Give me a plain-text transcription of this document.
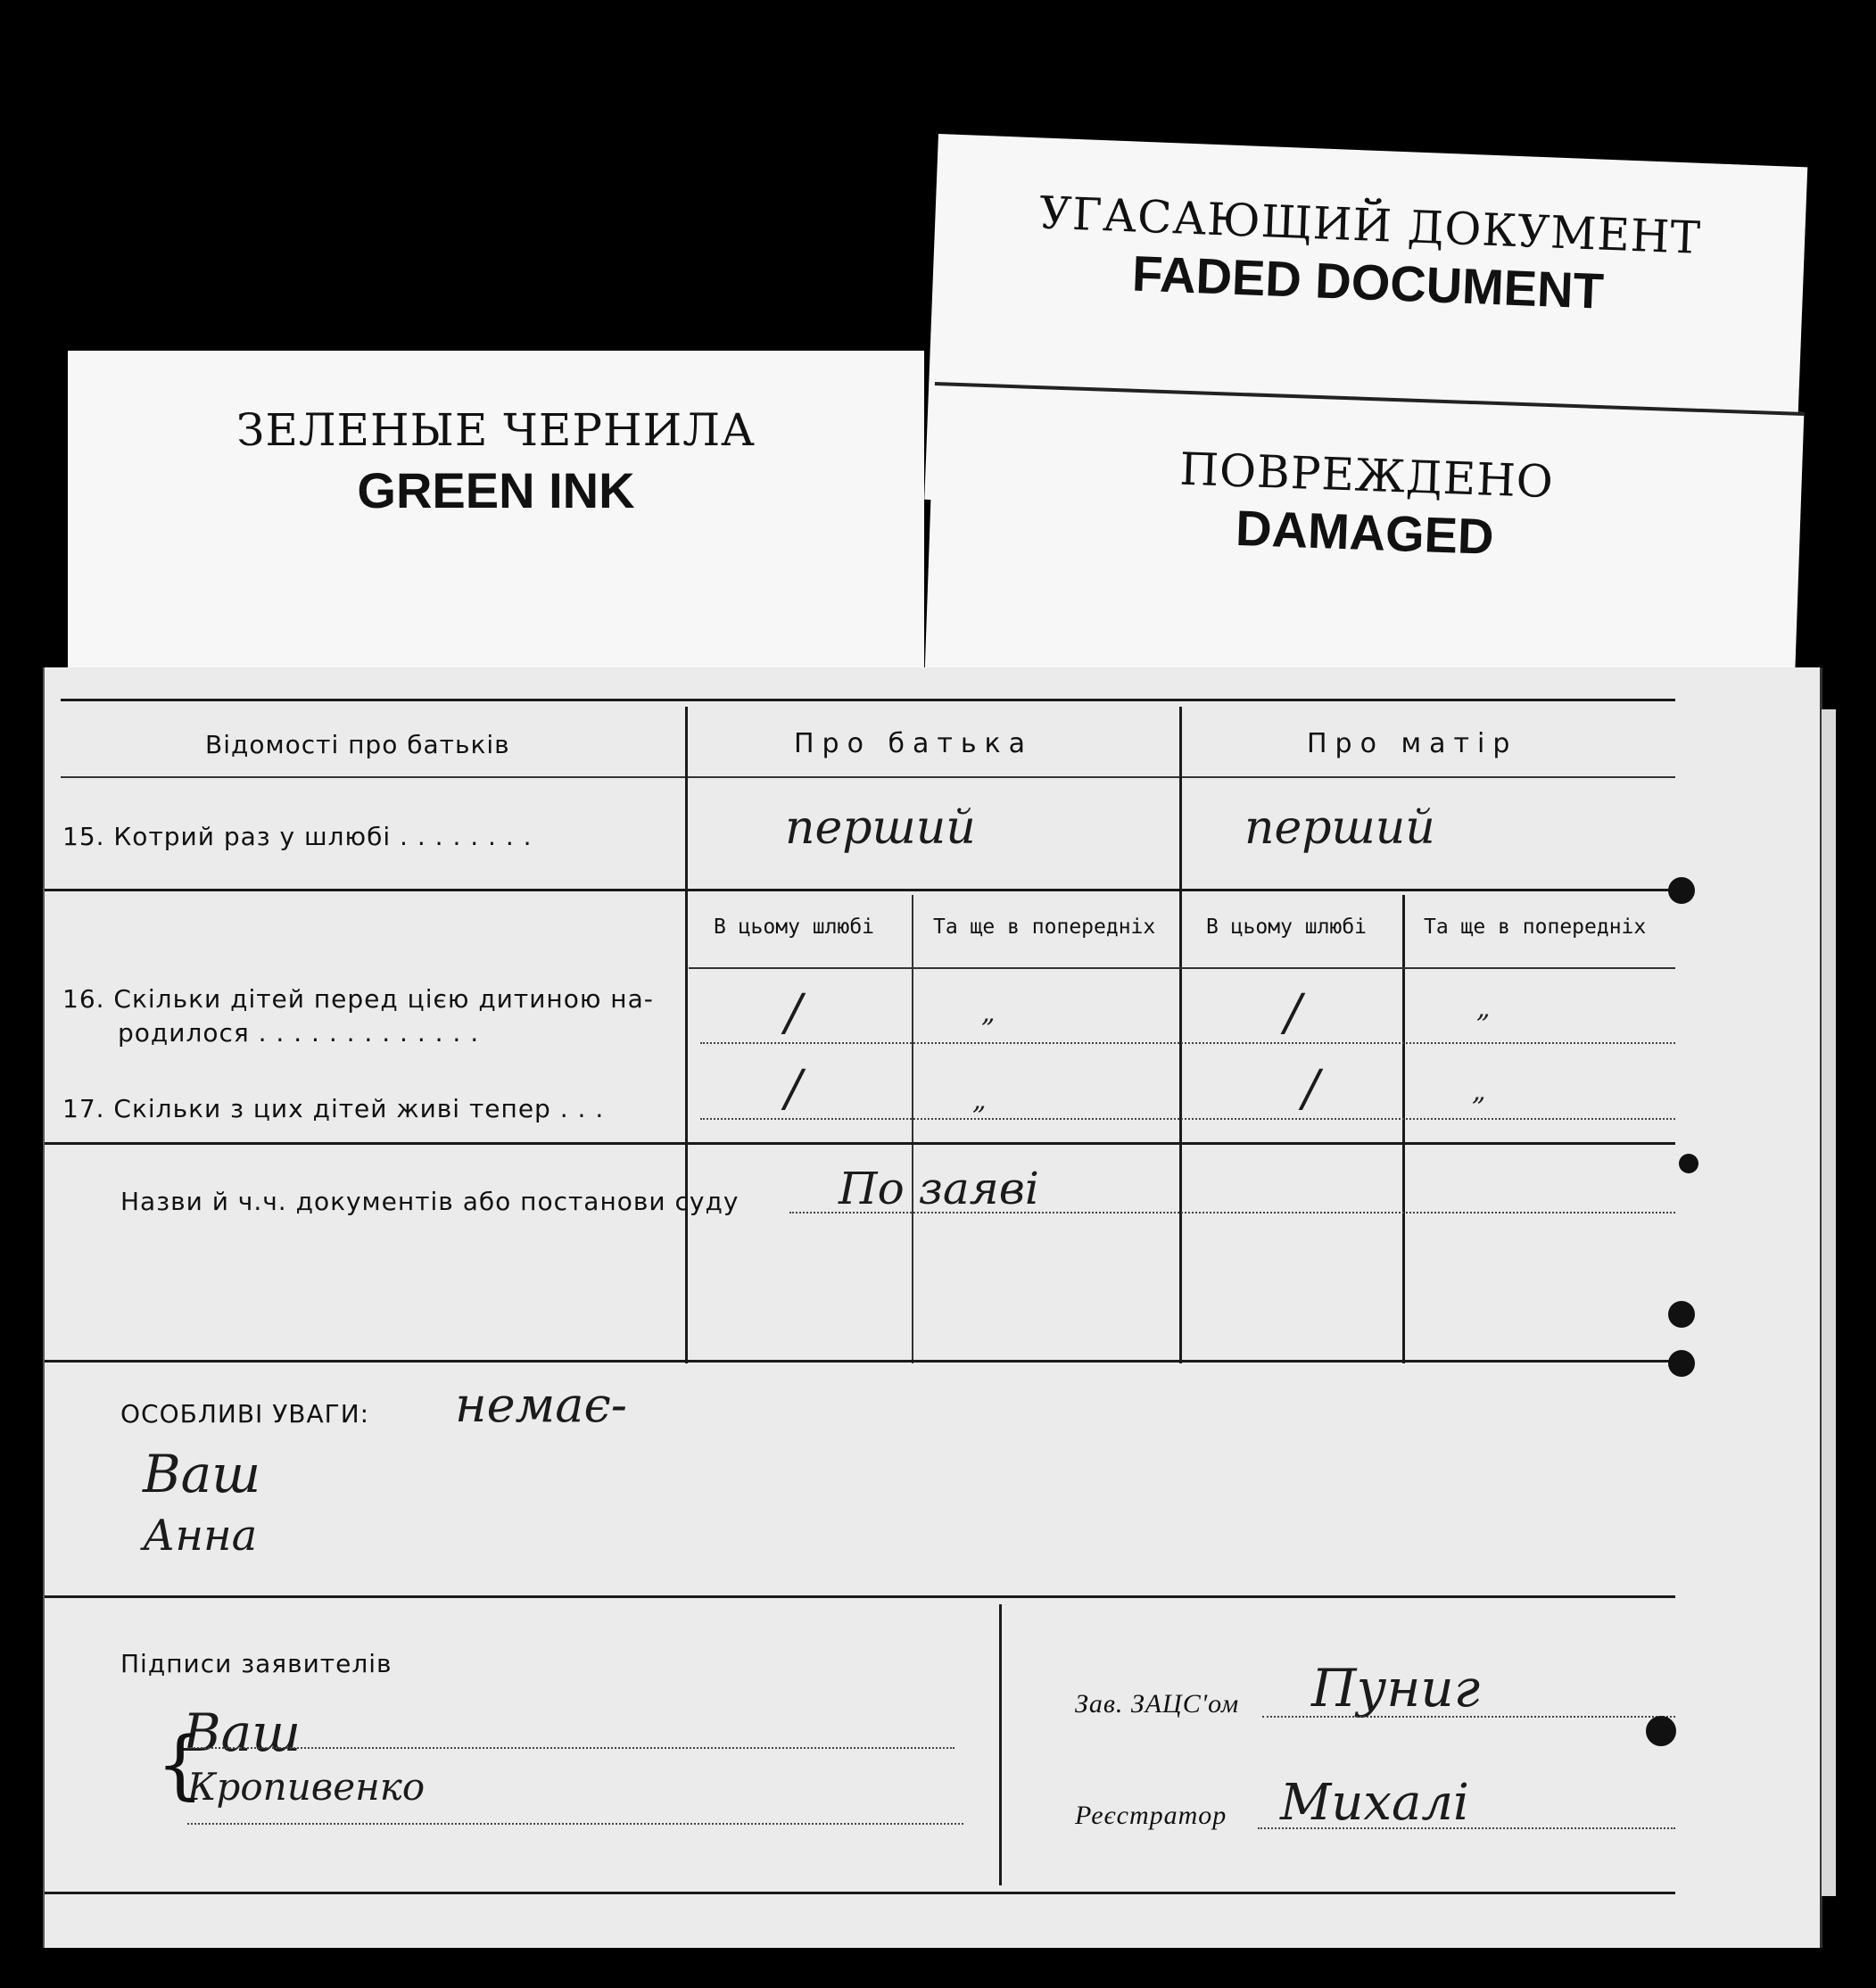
ЗЕЛЕНЫЕ ЧЕРНИЛА
GREEN INK
УГАСАЮЩИЙ ДОКУМЕНТ
FADED DOCUMENT
ПОВРЕЖДЕНО
DAMAGED
Відомості про батьків	Про батька	Про матір
15. Котрий раз у шлюбі . . . . . . . .	перший	перший
В цьому шлюбі	Та ще в попередніх В цьому шлюбі	Та ще в попередніх
16. Скільки дітей перед цією дитиною на-
родилося . . . . . . . . . . . . .	/	„	/	„
17. Скільки з цих дітей живі тепер . . .	/	„	/	„
Назви й ч.ч. документів або постанови суду По заяві
ОСОБЛИВІ УВАГИ: немає-
Ваш
Анна
Підписи заявителів
Ваш
Кропивенко
{
Зав. ЗАЦС'ом Пуниг
Реєстратор Михалі
